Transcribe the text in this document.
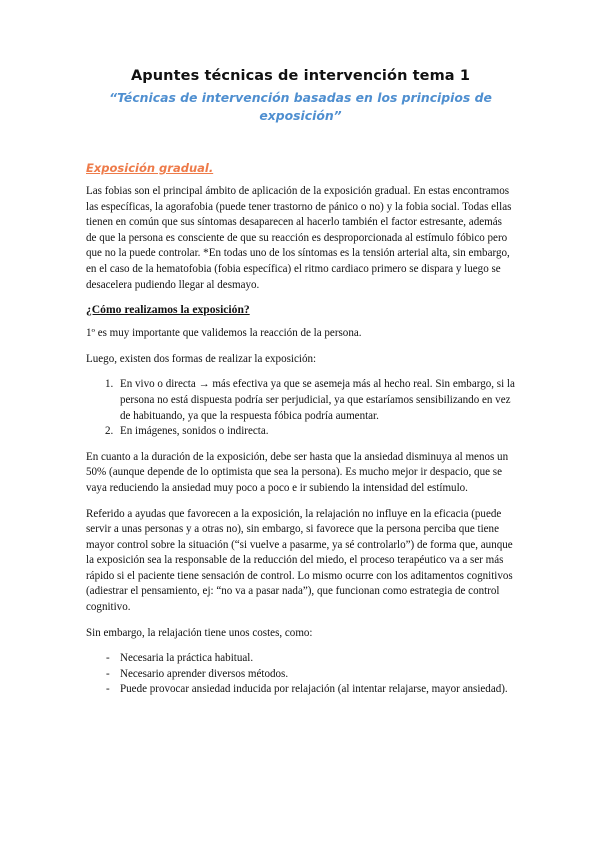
Apuntes técnicas de intervención tema 1
“Técnicas de intervención basadas en los principios de exposición”
Exposición gradual.

Las fobias son el principal ámbito de aplicación de la exposición gradual. En estas encontramos las específicas, la agorafobia (puede tener trastorno de pánico o no) y la fobia social. Todas ellas tienen en común que sus síntomas desaparecen al hacerlo también el factor estresante, además de que la persona es consciente de que su reacción es desproporcionada al estímulo fóbico pero que no la puede controlar. *En todas uno de los síntomas es la tensión arterial alta, sin embargo, en el caso de la hematofobia (fobia específica) el ritmo cardiaco primero se dispara y luego se desacelera pudiendo llegar al desmayo.

¿Cómo realizamos la exposición?

1º es muy importante que validemos la reacción de la persona.

Luego, existen dos formas de realizar la exposición:

1. En vivo o directa → más efectiva ya que se asemeja más al hecho real. Sin embargo, si la persona no está dispuesta podría ser perjudicial, ya que estaríamos sensibilizando en vez de habituando, ya que la respuesta fóbica podría aumentar.
2. En imágenes, sonidos o indirecta.

En cuanto a la duración de la exposición, debe ser hasta que la ansiedad disminuya al menos un 50% (aunque depende de lo optimista que sea la persona). Es mucho mejor ir despacio, que se vaya reduciendo la ansiedad muy poco a poco e ir subiendo la intensidad del estímulo.

Referido a ayudas que favorecen a la exposición, la relajación no influye en la eficacia (puede servir a unas personas y a otras no), sin embargo, si favorece que la persona perciba que tiene mayor control sobre la situación (“si vuelve a pasarme, ya sé controlarlo”) de forma que, aunque la exposición sea la responsable de la reducción del miedo, el proceso terapéutico va a ser más rápido si el paciente tiene sensación de control. Lo mismo ocurre con los aditamentos cognitivos (adiestrar el pensamiento, ej: “no va a pasar nada”), que funcionan como estrategia de control cognitivo.

Sin embargo, la relajación tiene unos costes, como:

- Necesaria la práctica habitual.
- Necesario aprender diversos métodos.
- Puede provocar ansiedad inducida por relajación (al intentar relajarse, mayor ansiedad).
